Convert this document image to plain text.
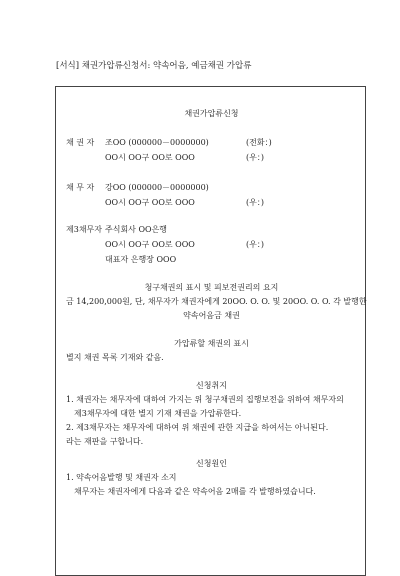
[서식] 채권가압류신청서: 약속어음, 예금채권 가압류
채권가압류신청
채 권 자 조OO (000000－0000000)	(전화：)
OO시 OO구 OO로 OOO	(우：)
채 무 자 강OO (000000－0000000)
OO시 OO구 OO로 OOO	(우：)
제3채무자 주식회사 OO은행
OO시 OO구 OO로 OOO	(우：)
대표자 은행장 OOO
청구채권의 표시 및 피보전권리의 요지
금 14,200,000원, 단, 채무자가 채권자에게 20OO. O. O. 및 20OO. O. O. 각 발행한
약속어음금 채권
가압류할 채권의 표시
별지 채권 목록 기재와 같음.
신청취지
1. 채권자는 채무자에 대하여 가지는 위 청구채권의 집행보전을 위하여 채무자의
제3채무자에 대한 별지 기재 채권을 가압류한다.
2. 제3채무자는 채무자에 대하여 위 채권에 관한 지급을 하여서는 아니된다.
라는 재판을 구합니다.
신청원인
1. 약속어음발행 및 채권자 소지
채무자는 채권자에게 다음과 같은 약속어음 2매를 각 발행하였습니다.
